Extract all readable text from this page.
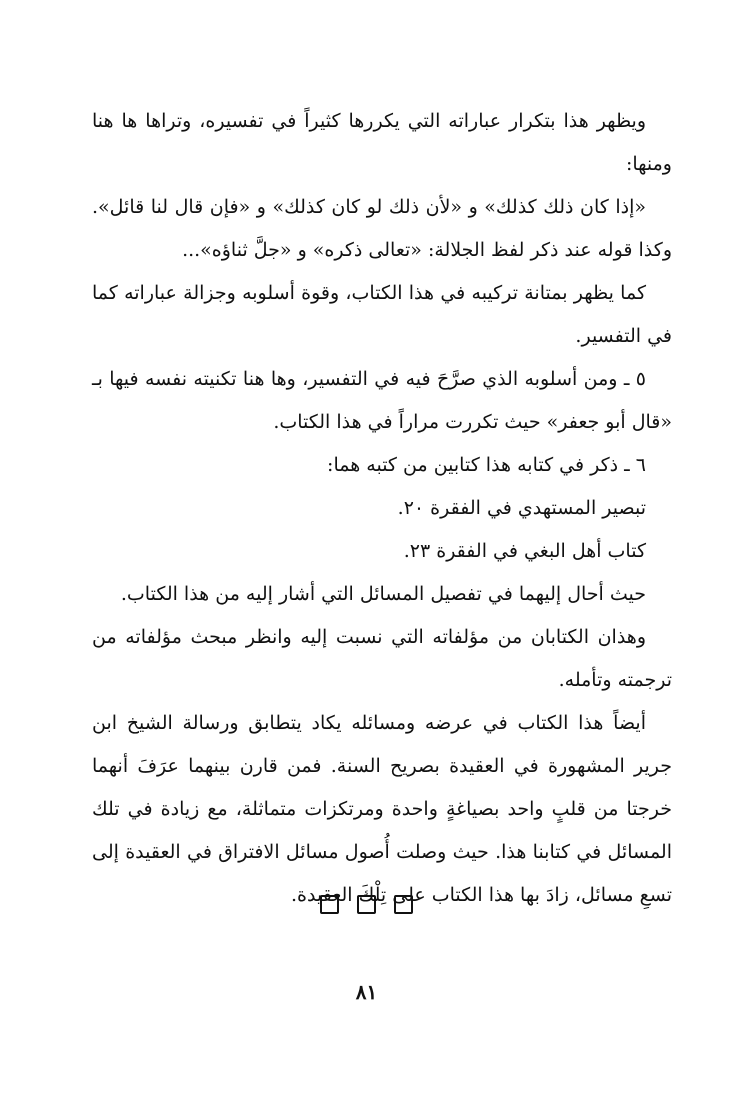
ويظهر هذا بتكرار عباراته التي يكررها كثيراً في تفسيره، وتراها ها هنا ومنها:

«إذا كان ذلك كذلك» و «لأن ذلك لو كان كذلك» و «فإن قال لنا قائل». وكذا قوله عند ذكر لفظ الجلالة: «تعالى ذكره» و «جلَّ ثناؤه»...

كما يظهر بمتانة تركيبه في هذا الكتاب، وقوة أسلوبه وجزالة عباراته كما في التفسير.

٥ ـ ومن أسلوبه الذي صرَّحَ فيه في التفسير، وها هنا تكنيته نفسه فيها بـ «قال أبو جعفر» حيث تكررت مراراً في هذا الكتاب.

٦ ـ ذكر في كتابه هذا كتابين من كتبه هما:

تبصير المستهدي في الفقرة ٢٠.

كتاب أهل البغي في الفقرة ٢٣.

حيث أحال إليهما في تفصيل المسائل التي أشار إليه من هذا الكتاب.

وهذان الكتابان من مؤلفاته التي نسبت إليه وانظر مبحث مؤلفاته من ترجمته وتأمله.

أيضاً هذا الكتاب في عرضه ومسائله يكاد يتطابق ورسالة الشيخ ابن جرير المشهورة في العقيدة بصريح السنة. فمن قارن بينهما عرَفَ أنهما خرجتا من قلبٍ واحد بصياغةٍ واحدة ومرتكزات متماثلة، مع زيادة في تلك المسائل في كتابنا هذا. حيث وصلت أُصول مسائل الافتراق في العقيدة إلى تسعِ مسائل، زادَ بها هذا الكتاب على تِلْكَ العقيدة.

٨١
